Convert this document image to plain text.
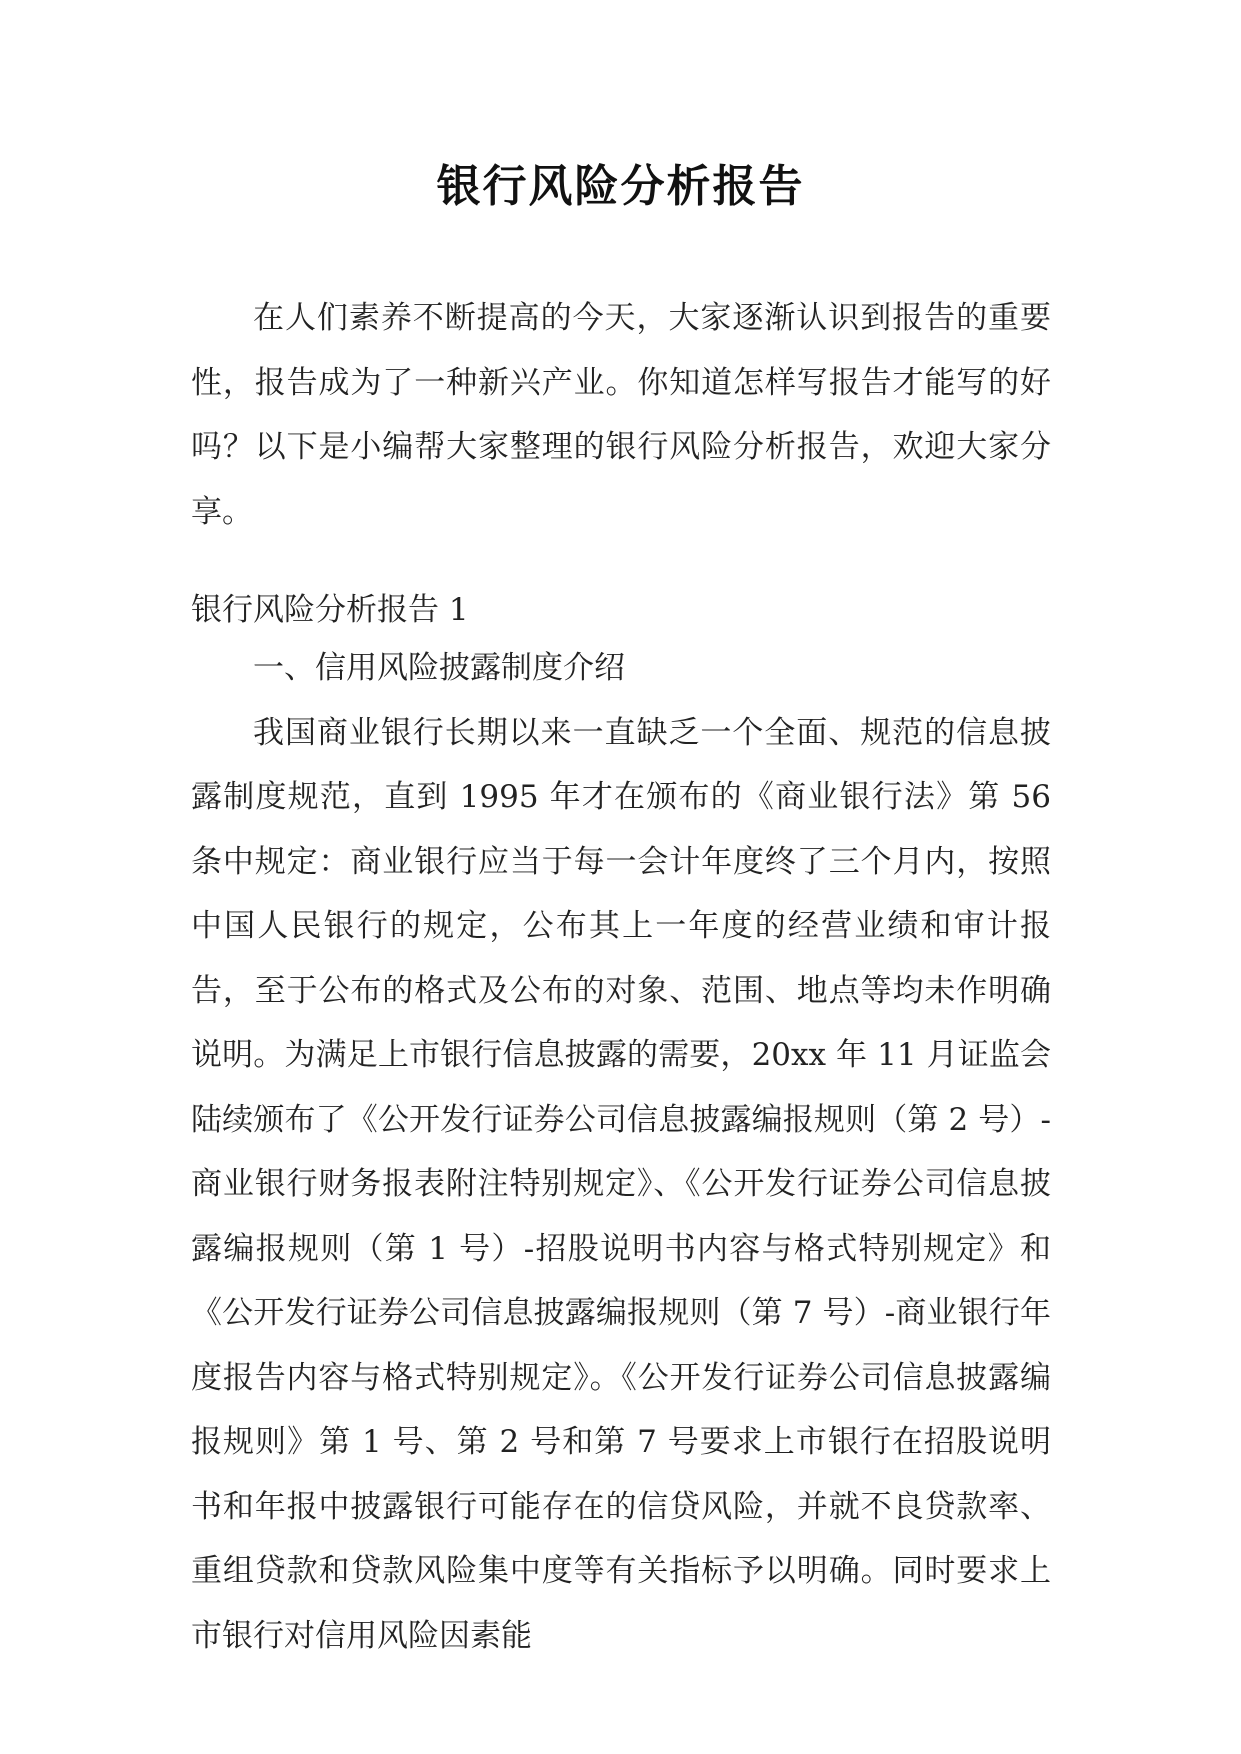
银行风险分析报告

在人们素养不断提高的今天，大家逐渐认识到报告的重要性，报告成为了一种新兴产业。你知道怎样写报告才能写的好吗？以下是小编帮大家整理的银行风险分析报告，欢迎大家分享。

银行风险分析报告 1

一、信用风险披露制度介绍

我国商业银行长期以来一直缺乏一个全面、规范的信息披露制度规范，直到 1995 年才在颁布的《商业银行法》第 56 条中规定：商业银行应当于每一会计年度终了三个月内，按照中国人民银行的规定，公布其上一年度的经营业绩和审计报告，至于公布的格式及公布的对象、范围、地点等均未作明确说明。为满足上市银行信息披露的需要，20xx 年 11 月证监会陆续颁布了《公开发行证券公司信息披露编报规则（第 2 号）-商业银行财务报表附注特别规定》、《公开发行证券公司信息披露编报规则（第 1 号）-招股说明书内容与格式特别规定》和《公开发行证券公司信息披露编报规则（第 7 号）-商业银行年度报告内容与格式特别规定》。《公开发行证券公司信息披露编报规则》第 1 号、第 2 号和第 7 号要求上市银行在招股说明书和年报中披露银行可能存在的信贷风险，并就不良贷款率、重组贷款和贷款风险集中度等有关指标予以明确。同时要求上市银行对信用风险因素能
